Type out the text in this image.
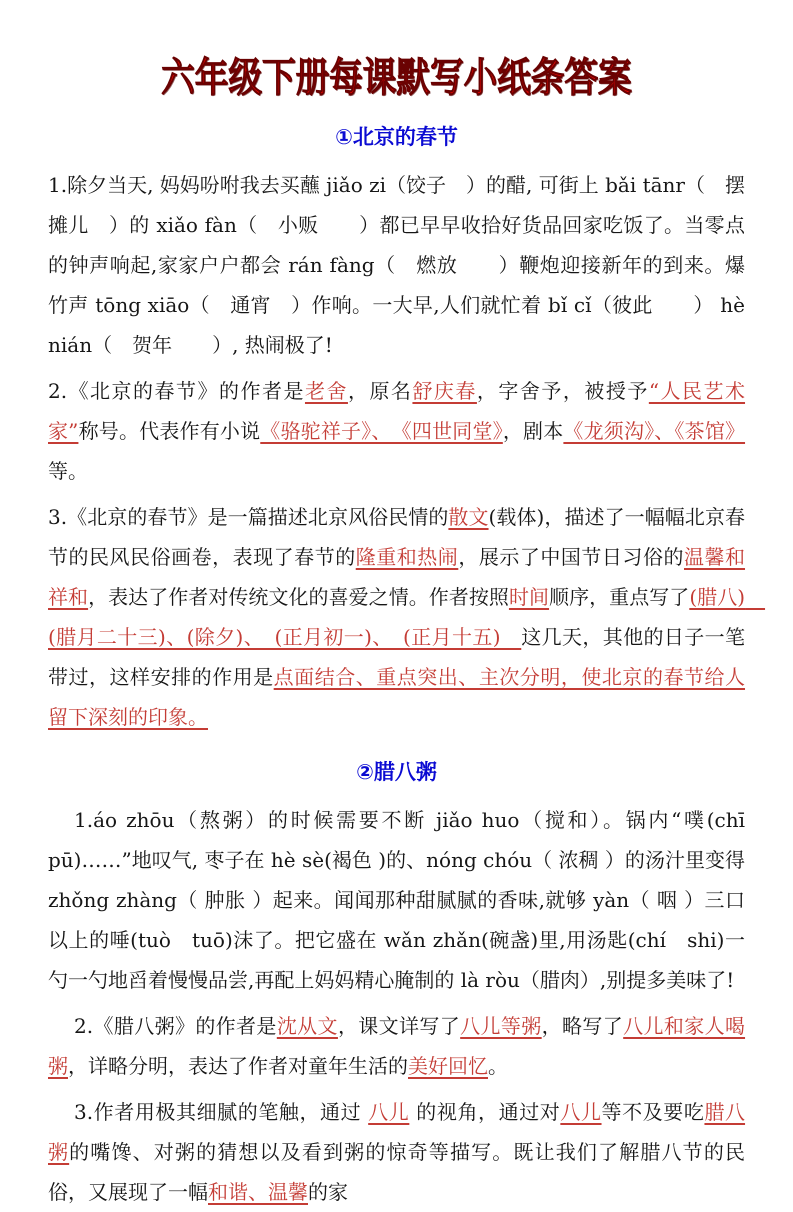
六年级下册每课默写小纸条答案
①北京的春节
1.除夕当天, 妈妈吩咐我去买蘸 jiǎo zi（饺子　）的醋, 可街上 bǎi tānr（　摆摊儿　）的 xiǎo fàn（　小贩　　）都已早早收拾好货品回家吃饭了。当零点的钟声响起,家家户户都会 rán fàng（　燃放　　）鞭炮迎接新年的到来。爆竹声 tōng xiāo（　通宵　）作响。一大早,人们就忙着 bǐ cǐ（彼此　　） hè nián（　贺年　　）, 热闹极了!
2.《北京的春节》的作者是老舍，原名舒庆春，字舍予，被授予“人民艺术家”称号。代表作有小说《骆驼祥子》、　《四世同堂》，剧本《龙须沟》、《茶馆》等。
3.《北京的春节》是一篇描述北京风俗民情的散文(载体)，描述了一幅幅北京春节的民风民俗画卷，表现了春节的隆重和热闹，展示了中国节日习俗的温馨和祥和，表达了作者对传统文化的喜爱之情。作者按照时间顺序，重点写了(腊八)　(腊月二十三)、(除夕)、　(正月初一)、　(正月十五)　这几天，其他的日子一笔带过，这样安排的作用是点面结合、重点突出、主次分明，使北京的春节给人留下深刻的印象。
②腊八粥
1.áo zhōu（熬粥）的时候需要不断 jiǎo huo（搅和）。锅内“噗(chī pū)……”地叹气, 枣子在 hè sè(褐色 )的、nóng chóu（ 浓稠 ）的汤汁里变得 zhǒng zhàng（ 肿胀 ）起来。闻闻那种甜腻腻的香味,就够 yàn（ 咽 ）三口以上的唾(tuò　tuō)沫了。把它盛在 wǎn zhǎn(碗盏)里,用汤匙(chí　shi)一勺一勺地舀着慢慢品尝,再配上妈妈精心腌制的 là ròu（腊肉）,别提多美味了!
2.《腊八粥》的作者是沈从文，课文详写了八儿等粥，略写了八儿和家人喝粥，详略分明，表达了作者对童年生活的美好回忆。
3.作者用极其细腻的笔触，通过 八儿 的视角，通过对八儿等不及要吃腊八粥的嘴馋、对粥的猜想以及看到粥的惊奇等描写。既让我们了解腊八节的民俗，又展现了一幅和谐、温馨的家
